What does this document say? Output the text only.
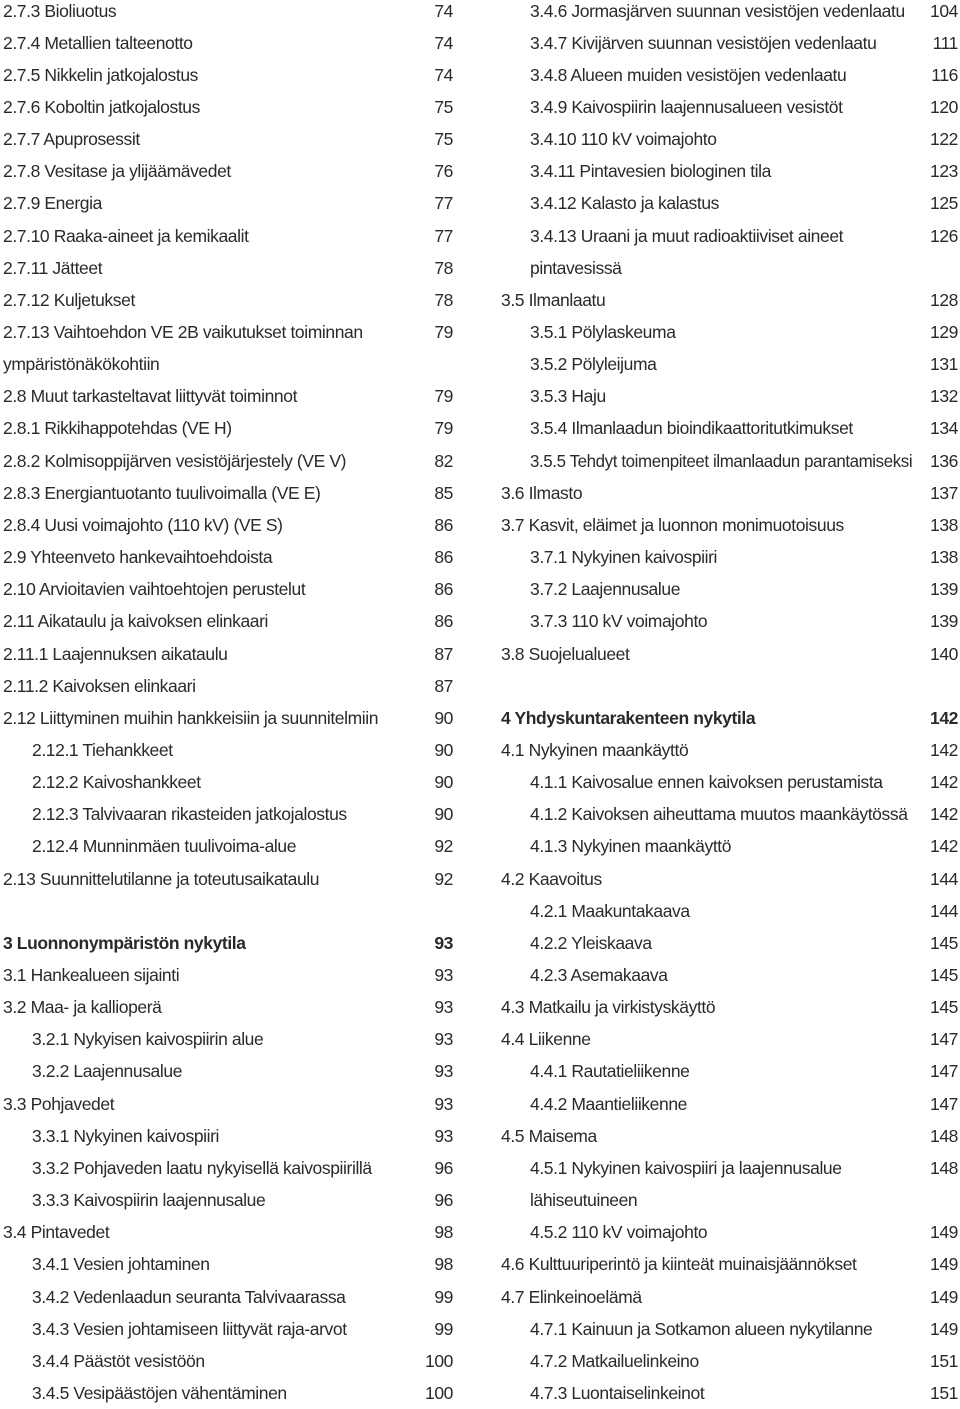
2.7.3 Bioliuotus	74
2.7.4 Metallien talteenotto	74
2.7.5 Nikkelin jatkojalostus	74
2.7.6 Koboltin jatkojalostus	75
2.7.7 Apuprosessit	75
2.7.8 Vesitase ja ylijäämävedet	76
2.7.9 Energia	77
2.7.10 Raaka-aineet ja kemikaalit	77
2.7.11 Jätteet	78
2.7.12 Kuljetukset	78
2.7.13 Vaihtoehdon VE 2B vaikutukset toiminnan	79
ympäristönäkökohtiin
2.8 Muut tarkasteltavat liittyvät toiminnot	79
2.8.1 Rikkihappotehdas (VE H)	79
2.8.2 Kolmisoppijärven vesistöjärjestely (VE V)	82
2.8.3 Energiantuotanto tuulivoimalla (VE E)	85
2.8.4 Uusi voimajohto (110 kV) (VE S)	86
2.9 Yhteenveto hankevaihtoehdoista	86
2.10 Arvioitavien vaihtoehtojen perustelut	86
2.11 Aikataulu ja kaivoksen elinkaari	86
2.11.1 Laajennuksen aikataulu	87
2.11.2 Kaivoksen elinkaari	87
2.12 Liittyminen muihin hankkeisiin ja suunnitelmiin	90
2.12.1 Tiehankkeet	90
2.12.2 Kaivoshankkeet	90
2.12.3 Talvivaaran rikasteiden jatkojalostus	90
2.12.4 Munninmäen tuulivoima-alue	92
2.13 Suunnittelutilanne ja toteutusaikataulu	92
3 Luonnonympäristön nykytila	93
3.1 Hankealueen sijainti	93
3.2 Maa- ja kallioperä	93
3.2.1 Nykyisen kaivospiirin alue	93
3.2.2 Laajennusalue	93
3.3 Pohjavedet	93
3.3.1 Nykyinen kaivospiiri	93
3.3.2 Pohjaveden laatu nykyisellä kaivospiirillä	96
3.3.3 Kaivospiirin laajennusalue	96
3.4 Pintavedet	98
3.4.1 Vesien johtaminen	98
3.4.2 Vedenlaadun seuranta Talvivaarassa	99
3.4.3 Vesien johtamiseen liittyvät raja-arvot	99
3.4.4 Päästöt vesistöön	100
3.4.5 Vesipäästöjen vähentäminen	100
3.4.6 Jormasjärven suunnan vesistöjen vedenlaatu 104
3.4.7 Kivijärven suunnan vesistöjen vedenlaatu	111
3.4.8 Alueen muiden vesistöjen vedenlaatu	116
3.4.9 Kaivospiirin laajennusalueen vesistöt	120
3.4.10 110 kV voimajohto	122
3.4.11 Pintavesien biologinen tila	123
3.4.12 Kalasto ja kalastus	125
3.4.13 Uraani ja muut radioaktiiviset aineet	126
pintavesissä
3.5 Ilmanlaatu	128
3.5.1 Pölylaskeuma	129
3.5.2 Pölyleijuma	131
3.5.3 Haju	132
3.5.4 Ilmanlaadun bioindikaattoritutkimukset	134
3.5.5 Tehdyt toimenpiteet ilmanlaadun parantamiseksi 136
3.6 Ilmasto	137
3.7 Kasvit, eläimet ja luonnon monimuotoisuus	138
3.7.1 Nykyinen kaivospiiri	138
3.7.2 Laajennusalue	139
3.7.3 110 kV voimajohto	139
3.8 Suojelualueet	140
4 Yhdyskuntarakenteen nykytila	142
4.1 Nykyinen maankäyttö	142
4.1.1 Kaivosalue ennen kaivoksen perustamista	142
4.1.2 Kaivoksen aiheuttama muutos maankäytössä 142
4.1.3 Nykyinen maankäyttö	142
4.2 Kaavoitus	144
4.2.1 Maakuntakaava	144
4.2.2 Yleiskaava	145
4.2.3 Asemakaava	145
4.3 Matkailu ja virkistyskäyttö	145
4.4 Liikenne	147
4.4.1 Rautatieliikenne	147
4.4.2 Maantieliikenne	147
4.5 Maisema	148
4.5.1 Nykyinen kaivospiiri ja laajennusalue	148
lähiseutuineen
4.5.2 110 kV voimajohto	149
4.6 Kulttuuriperintö ja kiinteät muinaisjäännökset	149
4.7 Elinkeinoelämä	149
4.7.1 Kainuun ja Sotkamon alueen nykytilanne	149
4.7.2 Matkailuelinkeino	151
4.7.3 Luontaiselinkeinot	151
